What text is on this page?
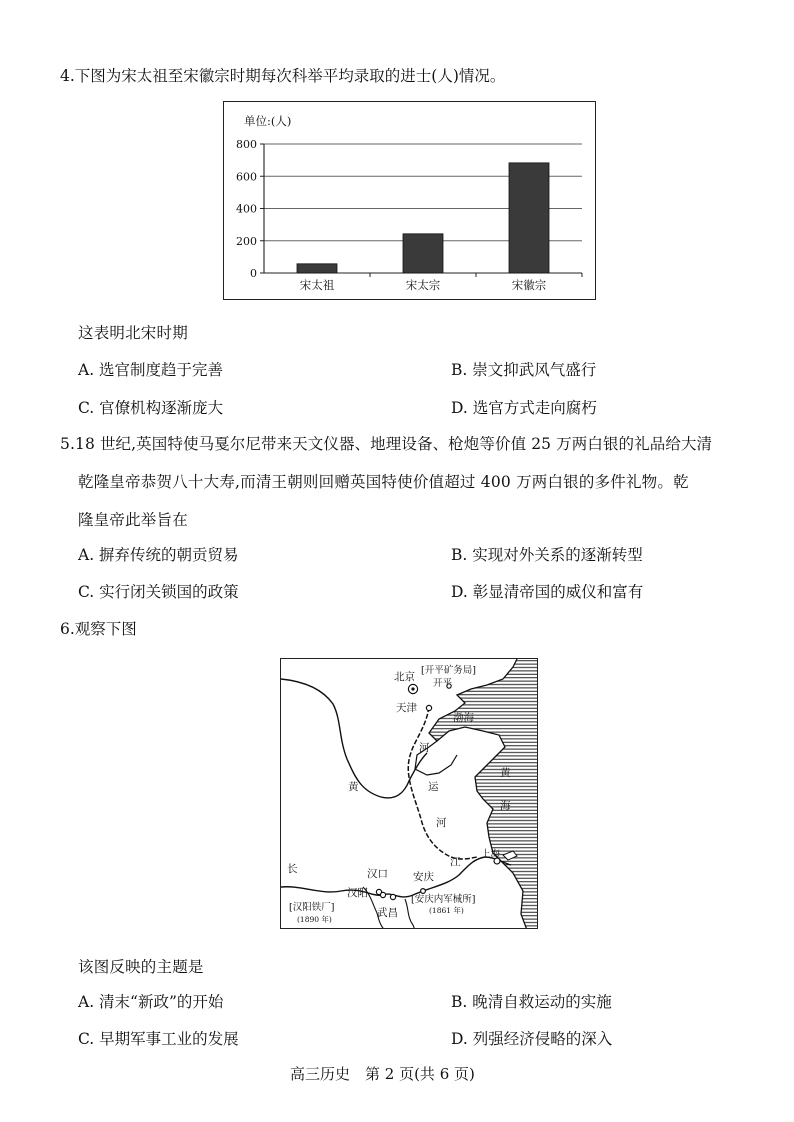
4.下图为宋太祖至宋徽宗时期每次科举平均录取的进士(人)情况。
单位:(人)
0
200
400
600
800
宋太祖	宋太宗	宋徽宗
这表明北宋时期
A. 选官制度趋于完善	B. 崇文抑武风气盛行
C. 官僚机构逐渐庞大	D. 选官方式走向腐朽
5.18 世纪,英国特使马戛尔尼带来天文仪器、地理设备、枪炮等价值 25 万两白银的礼品给大清
乾隆皇帝恭贺八十大寿,而清王朝则回赠英国特使价值超过 400 万两白银的多件礼物。乾
隆皇帝此举旨在
A. 摒弃传统的朝贡贸易	B. 实现对外关系的逐渐转型
C. 实行闭关锁国的政策	D. 彰显清帝国的威仪和富有
6.观察下图
北京
[开平矿务局]
开平
天津
渤海
黄
海
河
运
河
黄
上海
江
长	汉口 安庆
汉阳
武昌
[汉阳铁厂]
(1890 年)
[安庆内军械所]
(1861 年)
该图反映的主题是
A. 清末“新政”的开始	B. 晚清自救运动的实施
C. 早期军事工业的发展	D. 列强经济侵略的深入
高三历史　第 2 页(共 6 页)
